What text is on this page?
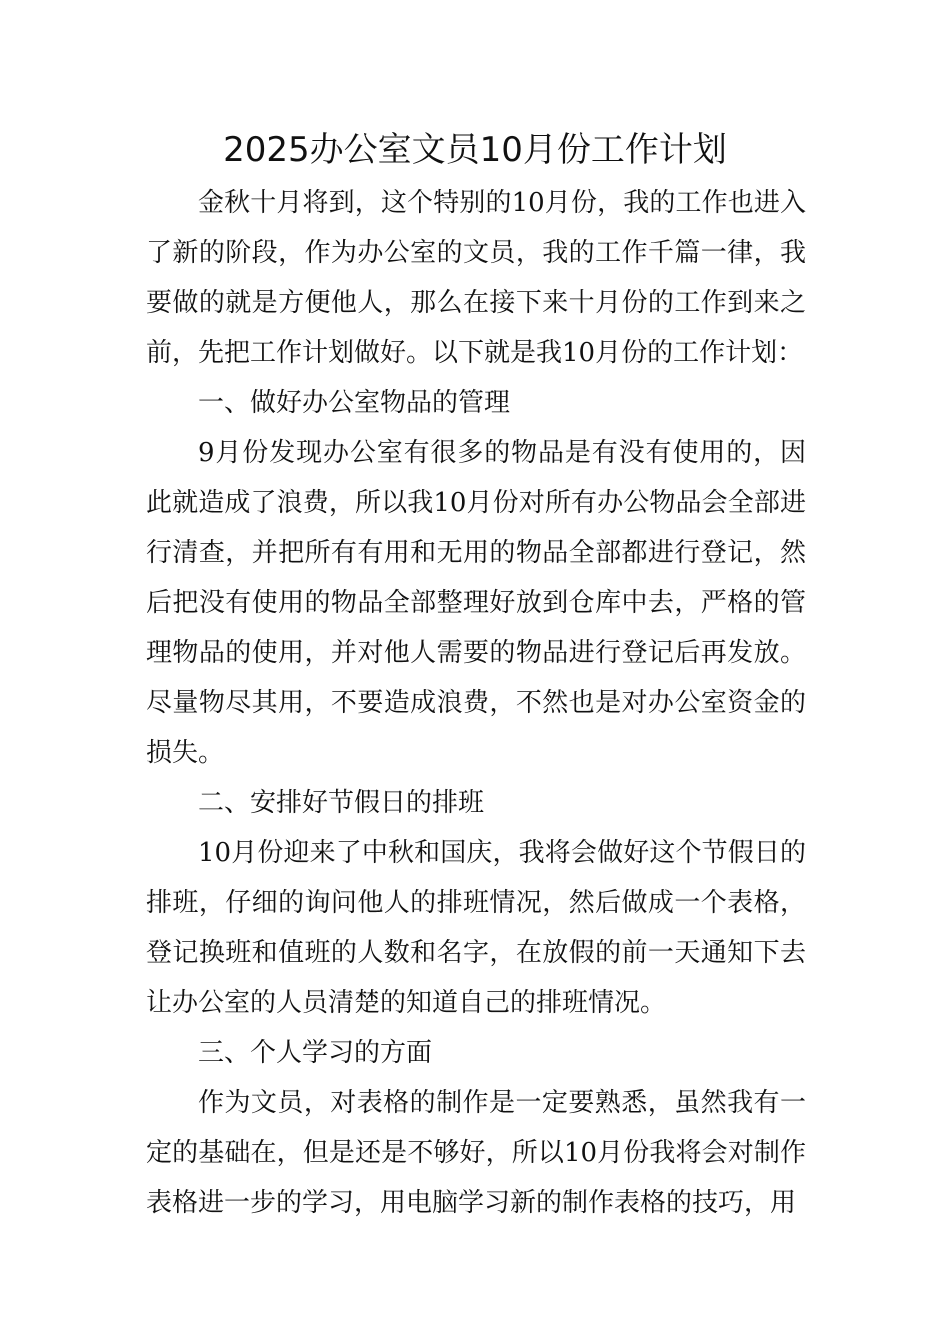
2025办公室文员10月份工作计划

金秋十月将到，这个特别的10月份，我的工作也进入了新的阶段，作为办公室的文员，我的工作千篇一律，我要做的就是方便他人，那么在接下来十月份的工作到来之前，先把工作计划做好。以下就是我10月份的工作计划：

一、做好办公室物品的管理

9月份发现办公室有很多的物品是有没有使用的，因此就造成了浪费，所以我10月份对所有办公物品会全部进行清查，并把所有有用和无用的物品全部都进行登记，然后把没有使用的物品全部整理好放到仓库中去，严格的管理物品的使用，并对他人需要的物品进行登记后再发放。尽量物尽其用，不要造成浪费，不然也是对办公室资金的损失。

二、安排好节假日的排班

10月份迎来了中秋和国庆，我将会做好这个节假日的排班，仔细的询问他人的排班情况，然后做成一个表格，登记换班和值班的人数和名字，在放假的前一天通知下去让办公室的人员清楚的知道自己的排班情况。

三、个人学习的方面

作为文员，对表格的制作是一定要熟悉，虽然我有一定的基础在，但是还是不够好，所以10月份我将会对制作表格进一步的学习，用电脑学习新的制作表格的技巧，用
